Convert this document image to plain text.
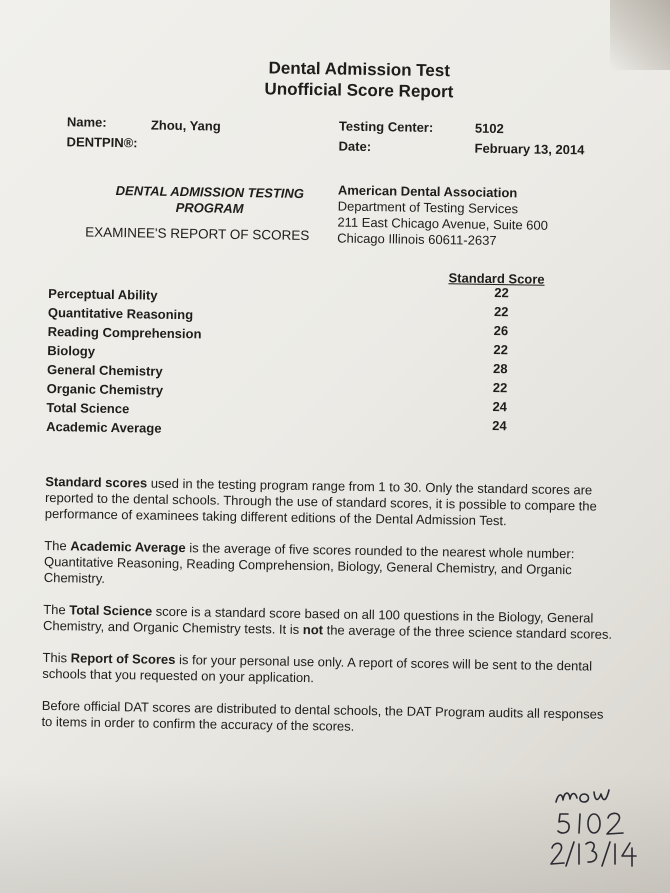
Dental Admission Test
Unofficial Score Report
Name:	Zhou, Yang
DENTPIN®:
Testing Center:	5102
Date:	February 13, 2014
DENTAL ADMISSION TESTING
PROGRAM
EXAMINEE'S REPORT OF SCORES
American Dental Association
Department of Testing Services
211 East Chicago Avenue, Suite 600
Chicago Illinois 60611-2637
Standard Score
Perceptual Ability	22
Quantitative Reasoning	22
Reading Comprehension	26
Biology	22
General Chemistry	28
Organic Chemistry	22
Total Science	24
Academic Average	24
Standard scores used in the testing program range from 1 to 30. Only the standard scores are reported to the dental schools. Through the use of standard scores, it is possible to compare the performance of examinees taking different editions of the Dental Admission Test.
The Academic Average is the average of five scores rounded to the nearest whole number: Quantitative Reasoning, Reading Comprehension, Biology, General Chemistry, and Organic Chemistry.
The Total Science score is a standard score based on all 100 questions in the Biology, General Chemistry, and Organic Chemistry tests. It is not the average of the three science standard scores.
This Report of Scores is for your personal use only. A report of scores will be sent to the dental schools that you requested on your application.
Before official DAT scores are distributed to dental schools, the DAT Program audits all responses to items in order to confirm the accuracy of the scores.
